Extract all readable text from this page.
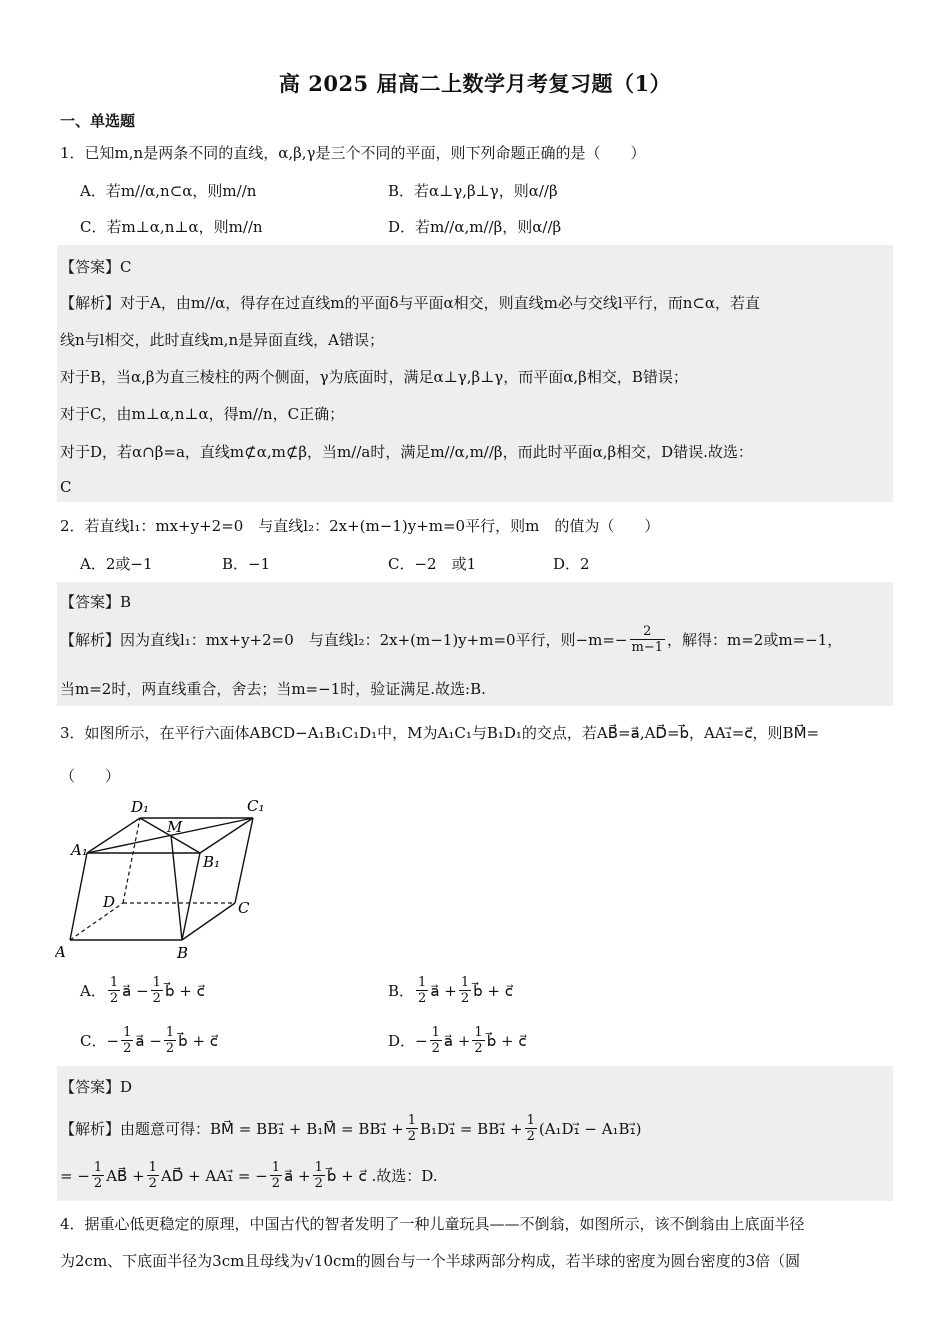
高 2025 届高二上数学月考复习题（1）
一、单选题
1．已知m,n是两条不同的直线，α,β,γ是三个不同的平面，则下列命题正确的是（　　）
A．若m//α,n⊂α，则m//n	B．若α⊥γ,β⊥γ，则α//β
C．若m⊥α,n⊥α，则m//n	D．若m//α,m//β，则α//β
【答案】C
【解析】对于A，由m//α，得存在过直线m的平面δ与平面α相交，则直线m必与交线l平行，而n⊂α，若直
线n与l相交，此时直线m,n是异面直线，A错误；
对于B，当α,β为直三棱柱的两个侧面，γ为底面时，满足α⊥γ,β⊥γ，而平面α,β相交，B错误；
对于C，由m⊥α,n⊥α，得m//n，C正确；
对于D，若α∩β=a，直线m⊄α,m⊄β，当m//a时，满足m//α,m//β，而此时平面α,β相交，D错误.故选：
C
2．若直线l₁：mx+y+2=0　与直线l₂：2x+(m−1)y+m=0平行，则m　的值为（　　）
A．2或−1	B．−1	C．−2　或1	D．2
【答案】B
【解析】因为直线l₁：mx+y+2=0　与直线l₂：2x+(m−1)y+m=0平行，则$-m=- \frac{2}{m-1}$ ，解得：m=2或m=−1，
当m=2时，两直线重合，舍去；当m=−1时，验证满足.故选:B.
3．如图所示，在平行六面体ABCD−A₁B₁C₁D₁中，M为A₁C₁与B₁D₁的交点，若AB⃗=a⃗,AD⃗=b⃗，AA₁⃗=c⃗，则BM⃗=
（　　）
A	B
C
D
A₁
B₁
C₁
D₁
M
A． $\frac{1}{2}$ a⃗ − $\frac{1}{2}$ b⃗ + c⃗	B． $\frac{1}{2}$ a⃗ + $\frac{1}{2}$ b⃗ + c⃗
C． − $\frac{1}{2}$ a⃗ − $\frac{1}{2}$ b⃗ + c⃗	D． − $\frac{1}{2}$ a⃗ + $\frac{1}{2}$ b⃗ + c⃗
【答案】D
【解析】由题意可得：BM⃗ = BB₁⃗ + B₁M⃗ = BB₁⃗ + $\frac{1}{2}$ B₁D₁⃗ = BB₁⃗ + $\frac{1}{2}$ (A₁D₁⃗ − A₁B₁⃗)
= − $\frac{1}{2}$ AB⃗ + $\frac{1}{2}$ AD⃗ + AA₁⃗ = − $\frac{1}{2}$ a⃗ + $\frac{1}{2}$ b⃗ + c⃗ .故选：D.
4．据重心低更稳定的原理，中国古代的智者发明了一种儿童玩具——不倒翁，如图所示，该不倒翁由上底面半径
为2cm、下底面半径为3cm且母线为√10cm的圆台与一个半球两部分构成，若半球的密度为圆台密度的3倍（圆
